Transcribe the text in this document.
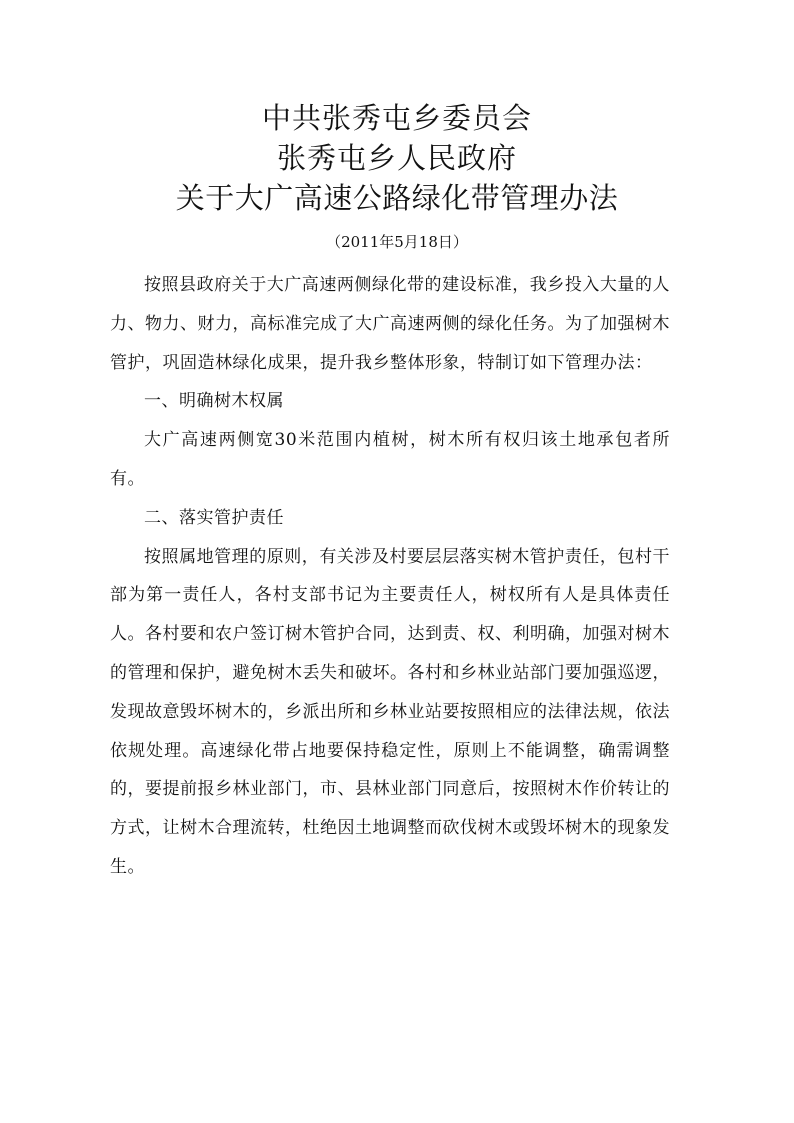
中共张秀屯乡委员会
张秀屯乡人民政府
关于大广高速公路绿化带管理办法
（2011年5月18日）

按照县政府关于大广高速两侧绿化带的建设标准，我乡投入大量的人力、物力、财力，高标准完成了大广高速两侧的绿化任务。为了加强树木管护，巩固造林绿化成果，提升我乡整体形象，特制订如下管理办法：

一、明确树木权属

大广高速两侧宽30米范围内植树，树木所有权归该土地承包者所有。

二、落实管护责任

按照属地管理的原则，有关涉及村要层层落实树木管护责任，包村干部为第一责任人，各村支部书记为主要责任人，树权所有人是具体责任人。各村要和农户签订树木管护合同，达到责、权、利明确，加强对树木的管理和保护，避免树木丢失和破坏。各村和乡林业站部门要加强巡逻，发现故意毁坏树木的，乡派出所和乡林业站要按照相应的法律法规，依法依规处理。高速绿化带占地要保持稳定性，原则上不能调整，确需调整的，要提前报乡林业部门，市、县林业部门同意后，按照树木作价转让的方式，让树木合理流转，杜绝因土地调整而砍伐树木或毁坏树木的现象发生。
